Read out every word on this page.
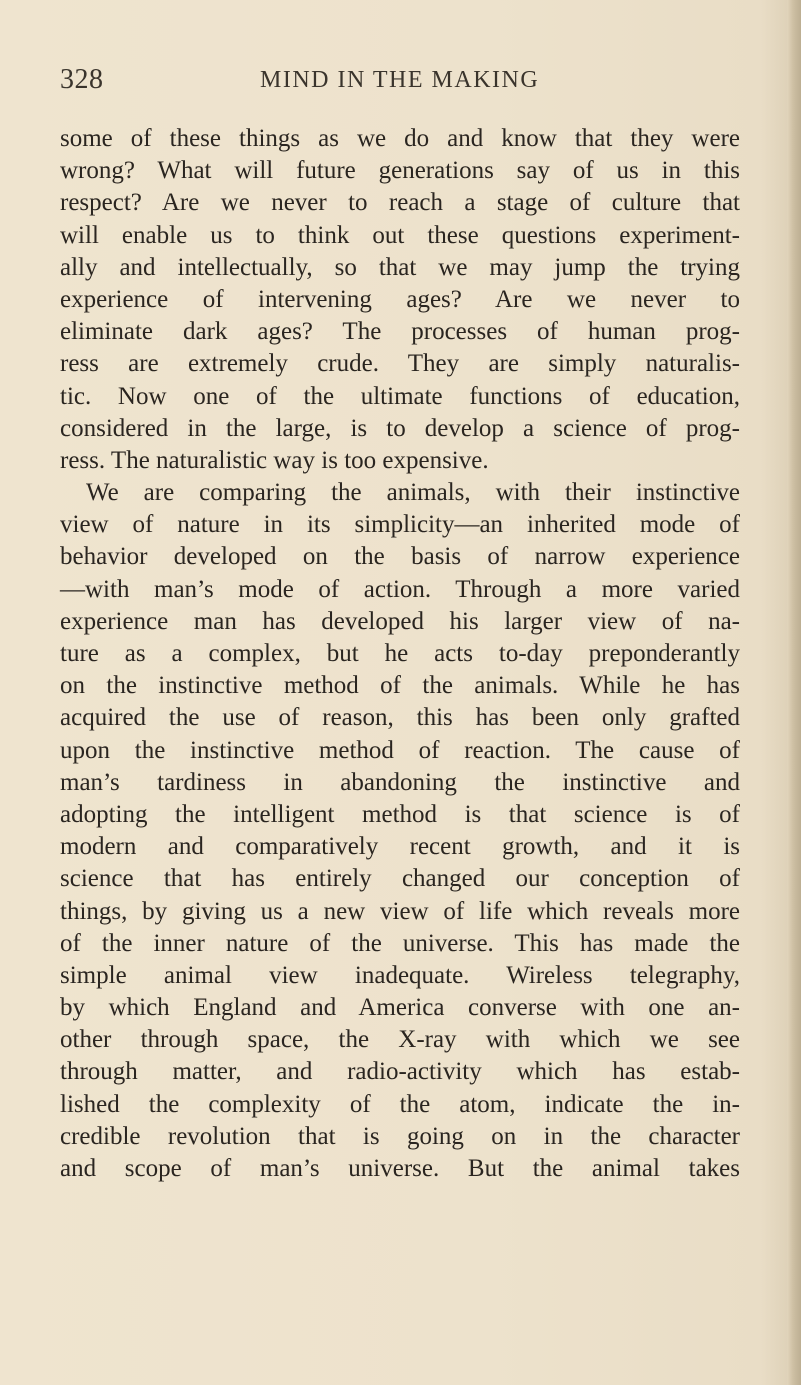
328	MIND IN THE MAKING
some of these things as we do and know that they were
wrong? What will future generations say of us in this
respect? Are we never to reach a stage of culture that
will enable us to think out these questions experiment-
ally and intellectually, so that we may jump the trying
experience of intervening ages? Are we never to
eliminate dark ages? The processes of human prog-
ress are extremely crude. They are simply naturalis-
tic. Now one of the ultimate functions of education,
considered in the large, is to develop a science of prog-
ress. The naturalistic way is too expensive.
We are comparing the animals, with their instinctive
view of nature in its simplicity—an inherited mode of
behavior developed on the basis of narrow experience
—with man’s mode of action. Through a more varied
experience man has developed his larger view of na-
ture as a complex, but he acts to-day preponderantly
on the instinctive method of the animals. While he has
acquired the use of reason, this has been only grafted
upon the instinctive method of reaction. The cause of
man’s tardiness in abandoning the instinctive and
adopting the intelligent method is that science is of
modern and comparatively recent growth, and it is
science that has entirely changed our conception of
things, by giving us a new view of life which reveals more
of the inner nature of the universe. This has made the
simple animal view inadequate. Wireless telegraphy,
by which England and America converse with one an-
other through space, the X-ray with which we see
through matter, and radio-activity which has estab-
lished the complexity of the atom, indicate the in-
credible revolution that is going on in the character
and scope of man’s universe. But the animal takes
